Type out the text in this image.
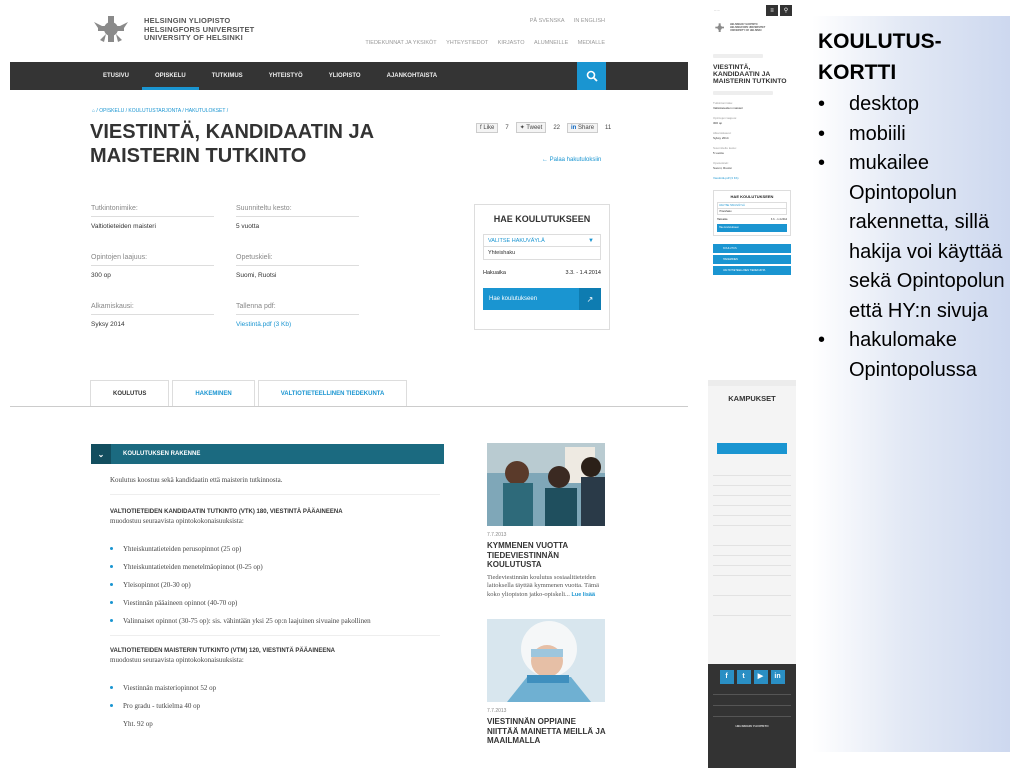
HELSINGIN YLIOPISTO
HELSINGFORS UNIVERSITET
UNIVERSITY OF HELSINKI
PÅ SVENSKA IN ENGLISH
TIEDEKUNNAT JA YKSIKÖT YHTEYSTIEDOT KIRJASTO ALUMNEILLE MEDIALLE
ETUSIVU	OPISKELU	TUTKIMUS	YHTEISTYÖ	YLIOPISTO	AJANKOHTAISTA
⌂ / OPISKELU / KOULUTUSTARJONTA / HAKUTULOKSET /
VIESTINTÄ, KANDIDAATIN JA MAISTERIN TUTKINTO
f Like	7	✦ Tweet	22	in Share	11
← Palaa hakutuloksiin
Tutkintonimike:
Valtiotieteiden maisteri
Suunniteltu kesto:
5 vuotta
Opintojen laajuus:
300 op
Opetuskieli:
Suomi, Ruotsi
Alkamiskausi:
Syksy 2014
Tallenna pdf:
Viestintä.pdf (3 Kb)
HAE KOULUTUKSEEN
VALITSE HAKUVÄYLÄ	▼
Yhteishaku
Hakuaika	3.3. - 1.4.2014
Hae koulutukseen	↗
KOULUTUS	HAKEMINEN	VALTIOTIETEELLINEN TIEDEKUNTA
⌄	KOULUTUKSEN RAKENNE
Koulutus koostuu sekä kandidaatin että maisterin tutkinnosta.
VALTIOTIETEIDEN KANDIDAATIN TUTKINTO (VTK) 180, VIESTINTÄ PÄÄAINEENA
muodostuu seuraavista opintokokonaisuuksista:
Yhteiskuntatieteiden perusopinnot (25 op)
Yhteiskuntatieteiden menetelmäopinnot (0-25 op)
Yleisopinnot (20-30 op)
Viestinnän pääaineen opinnot (40-70 op)
Valinnaiset opinnot (30-75 op): sis. vähintään yksi 25 op:n laajuinen sivuaine pakollinen
VALTIOTIETEIDEN MAISTERIN TUTKINTO (VTM) 120, VIESTINTÄ PÄÄAINEENA
muodostuu seuraavista opintokokonaisuuksista:
Viestinnän maisteriopinnot 52 op
Pro gradu - tutkielma 40 op
Yht. 92 op
7.7.2013
KYMMENEN VUOTTA TIEDEVIESTINNÄN KOULUTUSTA
Tiedeviestinnän koulutus sosiaalitieteiden laitoksella täyttää kymmenen vuotta. Tämä koko yliopiston jatko-opiskeli... Lue lisää
7.7.2013
VIESTINNÄN OPPIAINE NIITTÄÄ MAINETTA MEILLÄ JA MAAILMALLA
— —	≡	⚲
HELSINGIN YLIOPISTO
HELSINGFORS UNIVERSITET
UNIVERSITY OF HELSINKI
VIESTINTÄ, KANDIDAATIN JA MAISTERIN TUTKINTO
Tutkintonimike:
Valtiotieteiden maisteri
Opintojen laajuus:
300 op
Alkamiskausi:
Syksy 2014
Suunniteltu kesto:
5 vuotta
Opetuskieli:
Suomi, Ruotsi
Viestintä.pdf (3 Kb)
HAE KOULUTUKSEEN
VALITSE HAKUVÄYLÄ
Yhteishaku
Hakuaika	3.3. - 1.4.2014
Hae koulutukseen
KOULUTUS
HAKEMINEN
VALTIOTIETEELLINEN TIEDEKUNTA
KAMPUKSET
f	t	▶	in

HELSINGIN YLIOPISTO
KOULUTUS-KORTTI
• desktop
• mobiili
• mukailee Opintopolun rakennetta, sillä hakija voi käyttää sekä Opintopolun että HY:n sivuja
• hakulomake Opintopolussa
